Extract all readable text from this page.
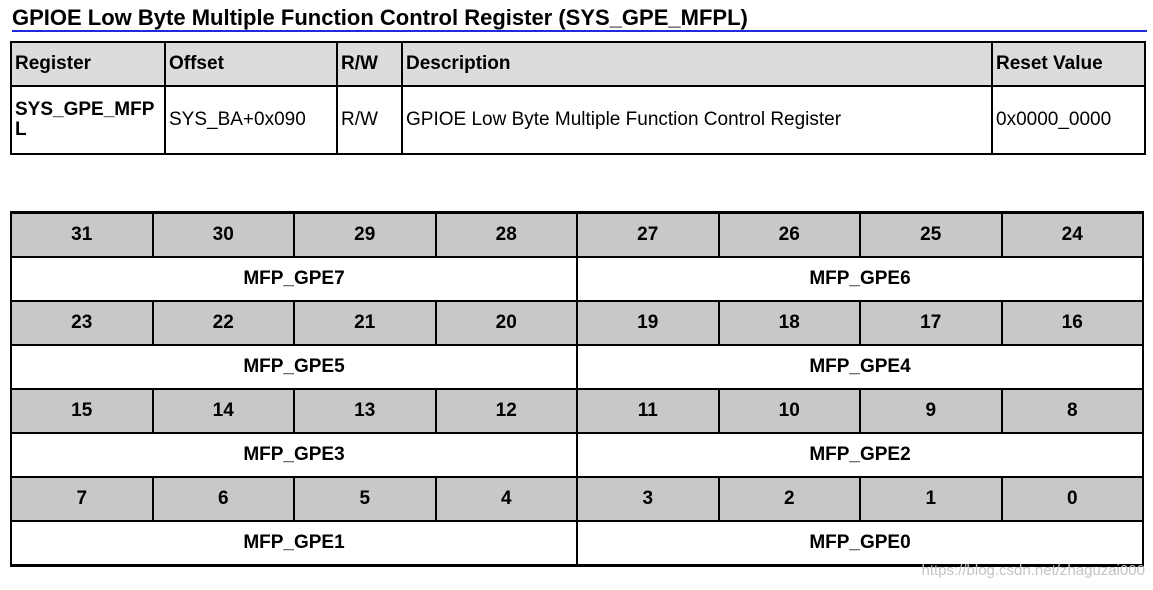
GPIOE Low Byte Multiple Function Control Register (SYS_GPE_MFPL)
Register	Offset	R/W	Description	Reset Value
SYS_GPE_MFPL	SYS_BA+0x090	R/W	GPIOE Low Byte Multiple Function Control Register	0x0000_0000
31	30	29	28	27	26	25	24
MFP_GPE7				MFP_GPE6			
23	22	21	20	19	18	17	16
MFP_GPE5				MFP_GPE4			
15	14	13	12	11	10	9	8
MFP_GPE3				MFP_GPE2			
7	6	5	4	3	2	1	0
MFP_GPE1				MFP_GPE0			
https://blog.csdn.net/zhaguzai000
